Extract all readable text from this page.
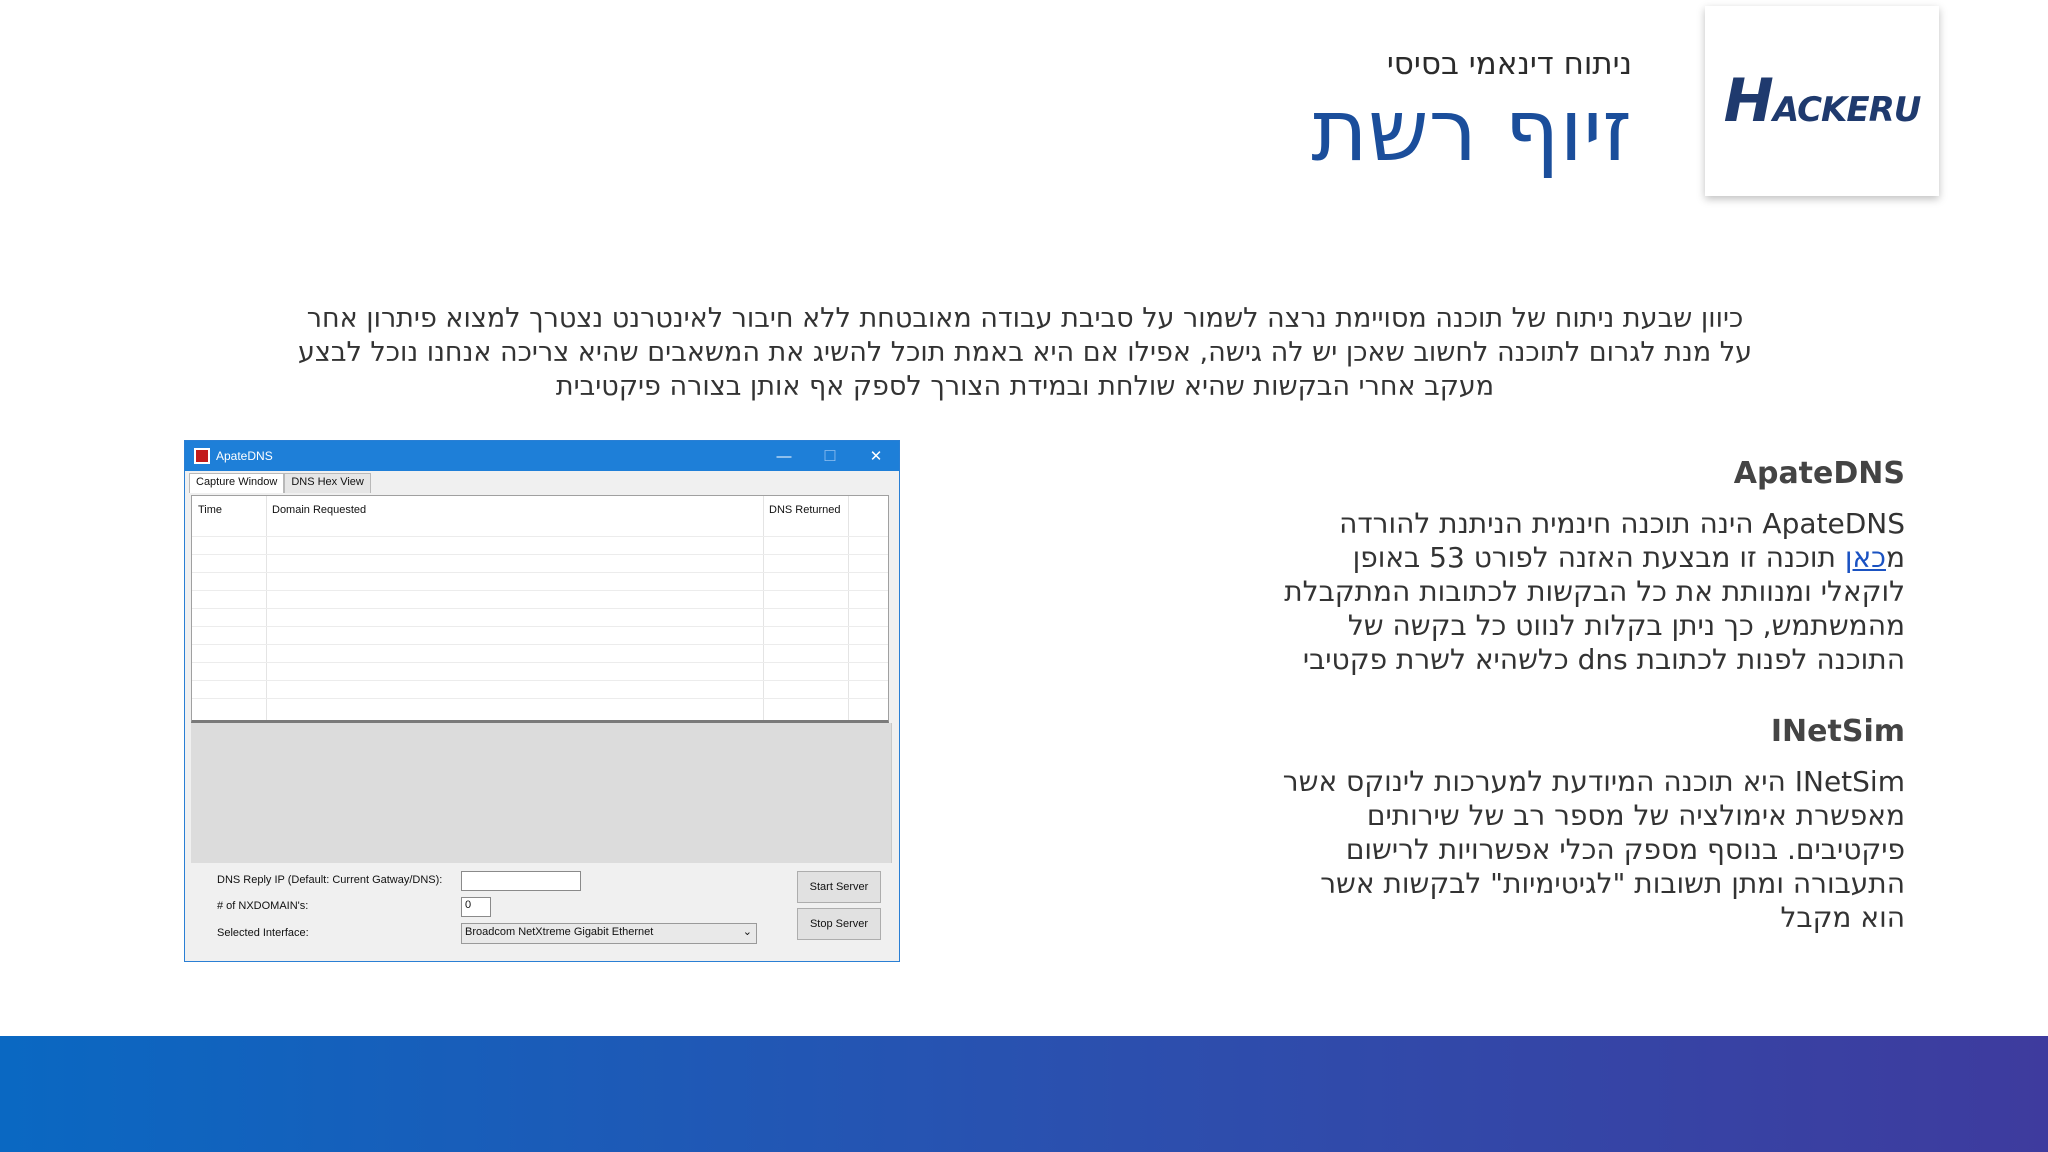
ניתוח דינאמי בסיסי
זיוף רשת HACKERU
כיוון שבעת ניתוח של תוכנה מסויימת נרצה לשמור על סביבת עבודה מאובטחת ללא חיבור לאינטרנט נצטרך למצוא פיתרון אחר
על מנת לגרום לתוכנה לחשוב שאכן יש לה גישה, אפילו אם היא באמת תוכל להשיג את המשאבים שהיא צריכה אנחנו נוכל לבצע
מעקב אחרי הבקשות שהיא שולחת ובמידת הצורך לספק אף אותן בצורה פיקטיבית
ApateDNS
ApateDNS הינה תוכנה חינמית הניתנת להורדה
מכאן תוכנה זו מבצעת האזנה לפורט 53 באופן
לוקאלי ומנוותת את כל הבקשות לכתובות המתקבלת
מהמשתמש, כך ניתן בקלות לנווט כל בקשה של
התוכנה לפנות לכתובת dns כלשהיא לשרת פקטיבי
INetSim
INetSim היא תוכנה המיודעת למערכות לינוקס אשר
מאפשרת אימולציה של מספר רב של שירותים
פיקטיבים. בנוסף מספק הכלי אפשרויות לרישום
התעבורה ומתן תשובות "לגיטימיות" לבקשות אשר
הוא מקבל
ApateDNS	—	☐	✕
Capture Window	DNS Hex View
Time	Domain Requested	DNS Returned
DNS Reply IP (Default: Current Gatway/DNS):
# of NXDOMAIN's:	0
Selected Interface:	Broadcom NetXtreme Gigabit Ethernet	⌄
Start Server
Stop Server
